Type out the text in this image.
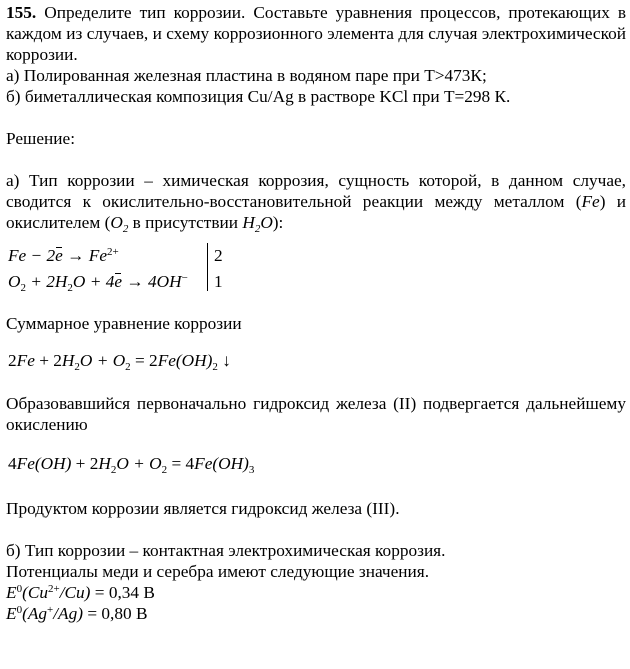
155. Определите тип коррозии. Составьте уравнения процессов, протекающих в каждом из случаев, и схему коррозионного элемента для случая электрохимической коррозии.

а) Полированная железная пластина в водяном паре при T>473К;

б) биметаллическая композиция Cu/Ag в растворе KCl при T=298 К.

Решение:

а) Тип коррозии – химическая коррозия, сущность которой, в данном случае, сводится к окислительно-восстановительной реакции между металлом (Fe) и окислителем ($O_2$ в присутствии $H_2O$):

$Fe - 2e \to Fe^{2+}$
$O_2 + 2H_2O + 4e \to 4OH^-$
2
1

Суммарное уравнение коррозии

$2Fe + 2H_2O + O_2 = 2Fe(OH)_2$ ↓

Образовавшийся первоначально гидроксид железа (II) подвергается дальнейшему окислению

$4Fe(OH) + 2H_2O + O_2 = 4Fe(OH)_3$

Продуктом коррозии является гидроксид железа (III).

б) Тип коррозии – контактная электрохимическая коррозия.

Потенциалы меди и серебра имеют следующие значения.

$E^0(Cu^{2+}/Cu) = 0,34$ В

$E^0(Ag^+/Ag) = 0,80$ В
